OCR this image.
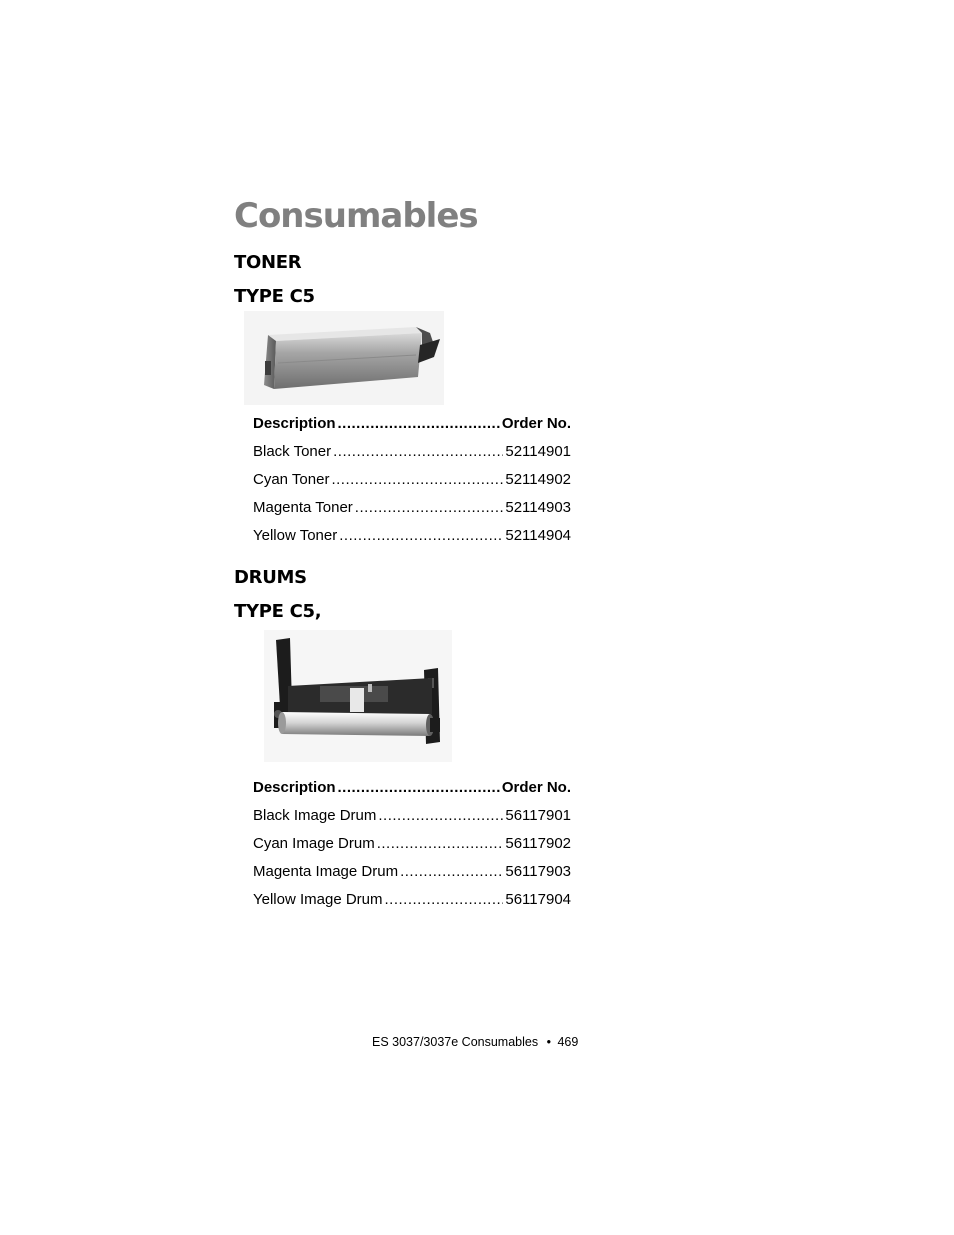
Consumables
TONER
TYPE C5
Description .....	Order No.
Black Toner .....	52114901
Cyan Toner .....	52114902
Magenta Toner .....	52114903
Yellow Toner .....	52114904
DRUMS
TYPE C5,
Description .....	Order No.
Black Image Drum .....	56117901
Cyan Image Drum .....	56117902
Magenta Image Drum .....	56117903
Yellow Image Drum .....	56117904
ES 3037/3037e Consumables • 469
